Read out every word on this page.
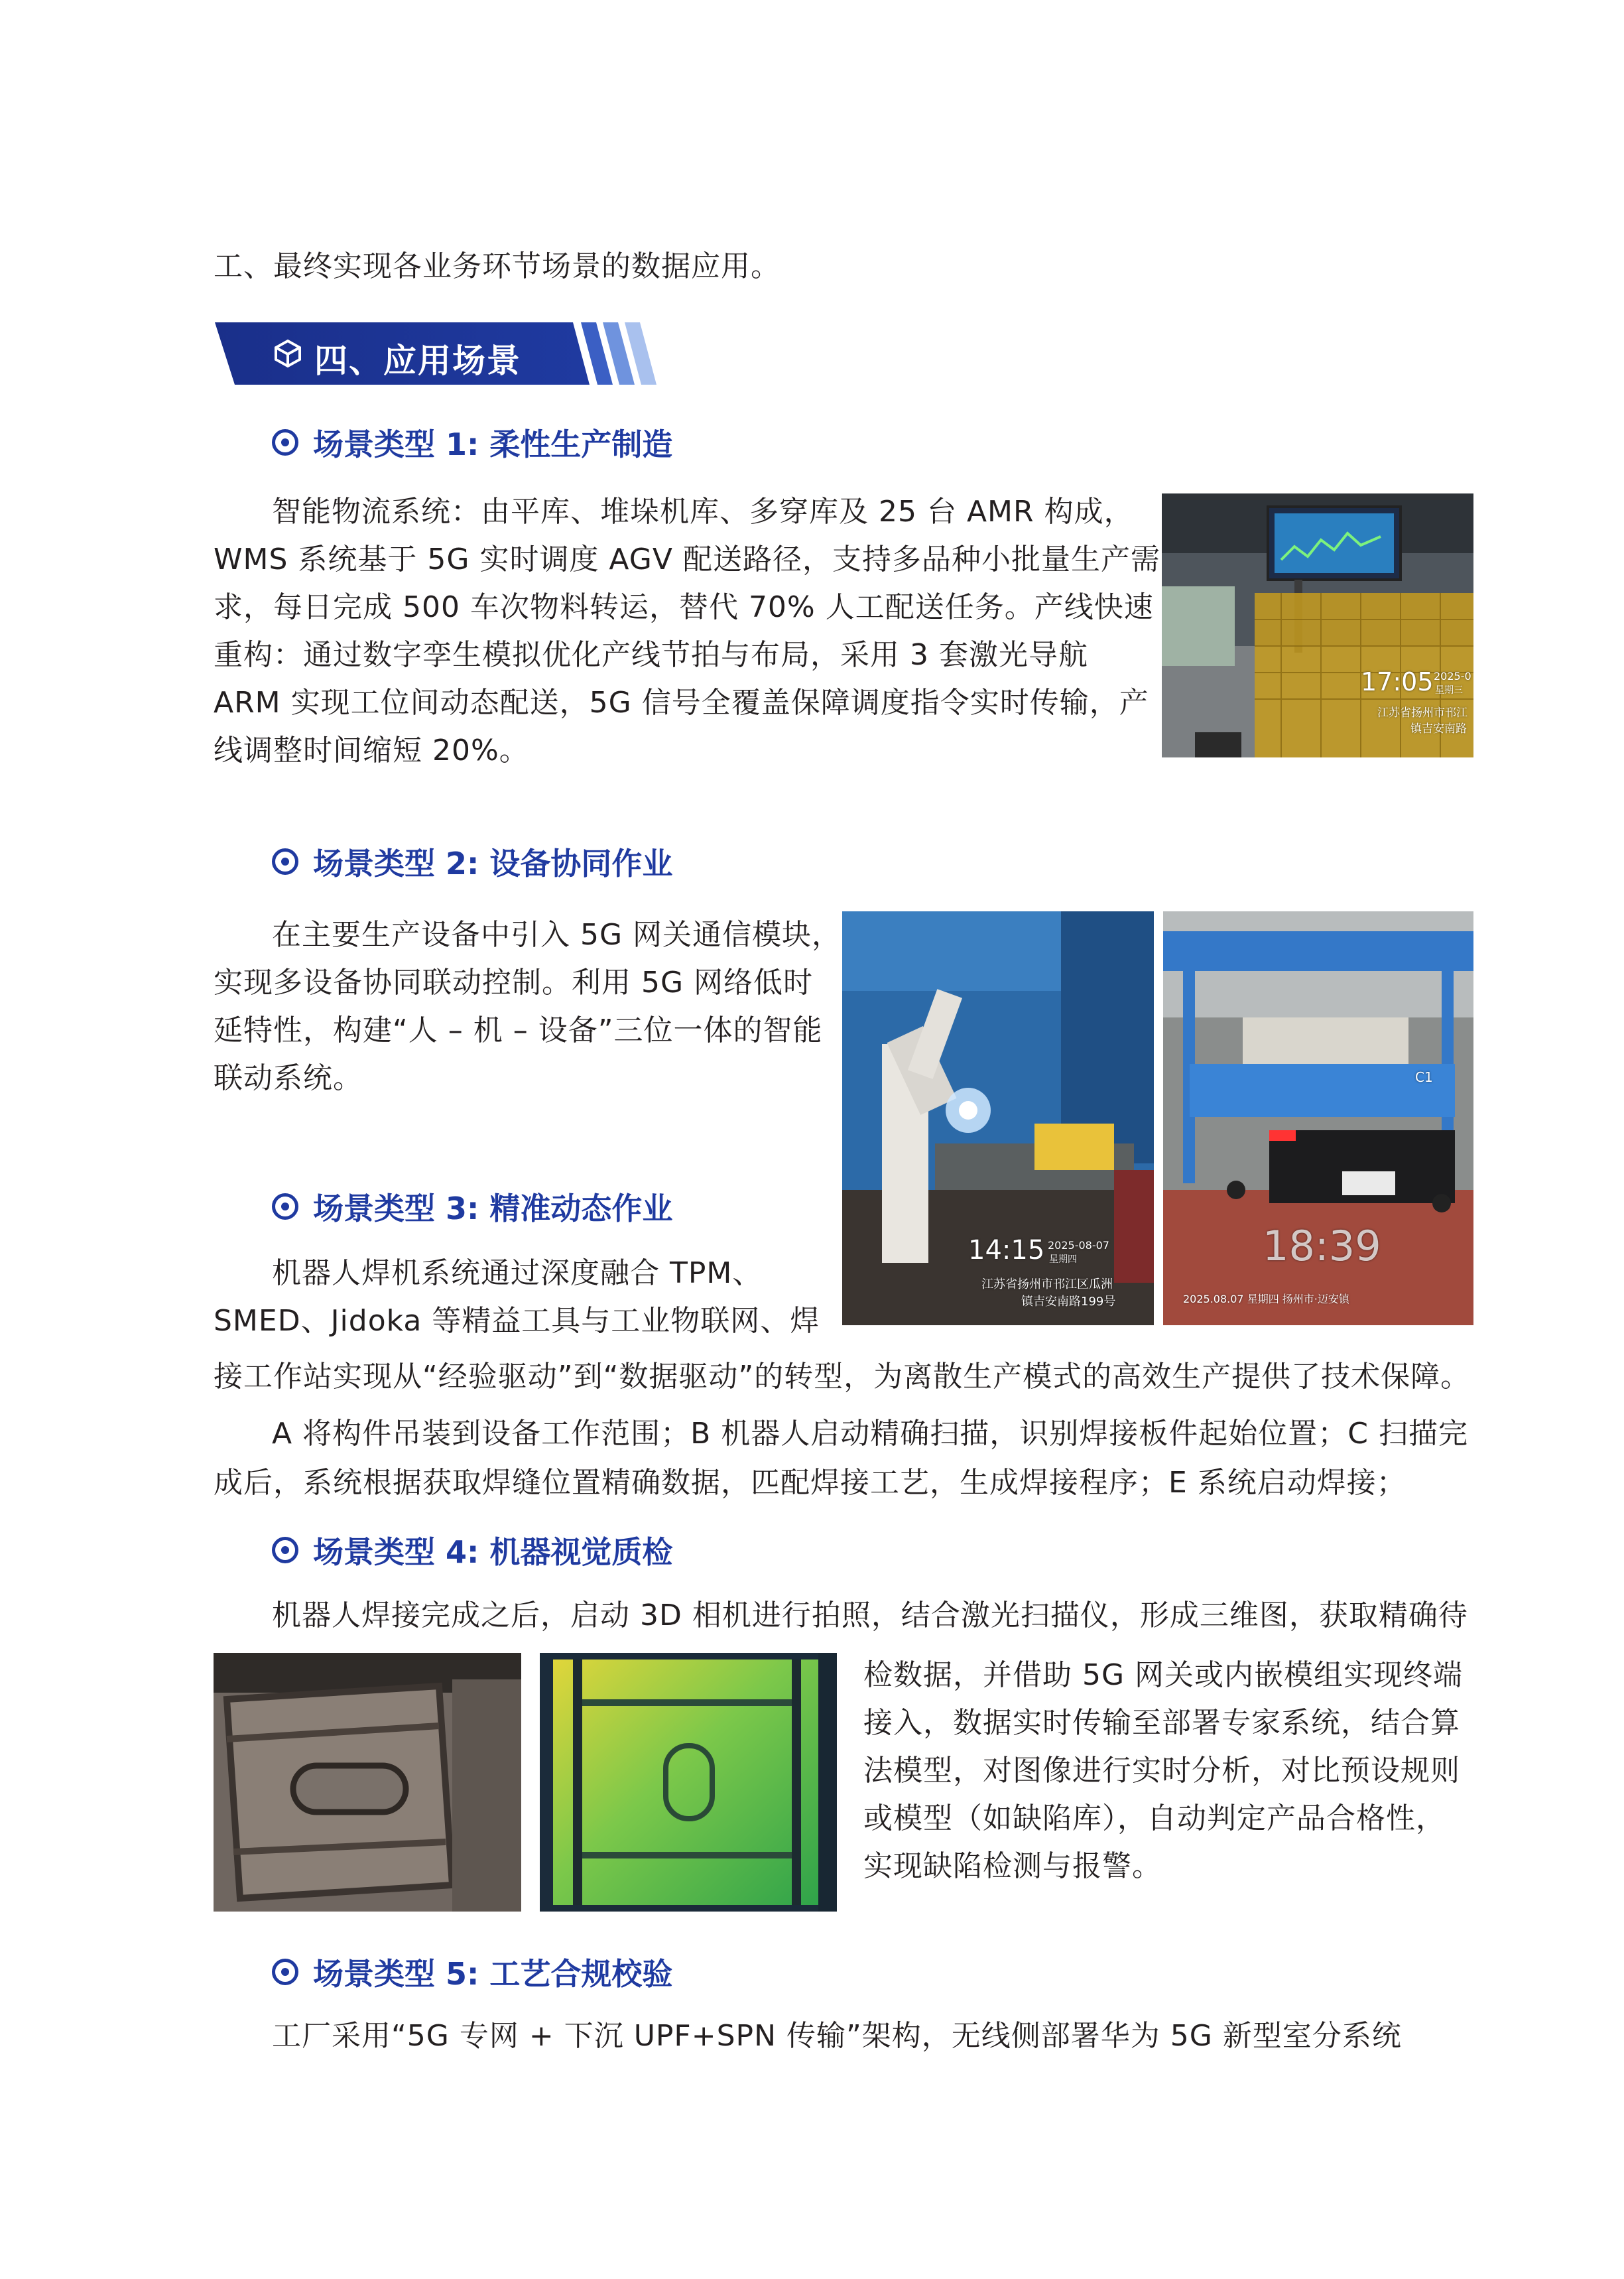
工、最终实现各业务环节场景的数据应用。
四、应用场景
场景类型 1: 柔性生产制造
智能物流系统：由平库、堆垛机库、多穿库及 25 台 AMR 构成，
WMS 系统基于 5G 实时调度 AGV 配送路径，支持多品种小批量生产需
求，每日完成 500 车次物料转运，替代 70% 人工配送任务。产线快速
重构：通过数字孪生模拟优化产线节拍与布局，采用 3 套激光导航
ARM 实现工位间动态配送，5G 信号全覆盖保障调度指令实时传输，产
线调整时间缩短 20%。
17:05 2025-0
星期三
江苏省扬州市邗江
镇吉安南路
场景类型 2: 设备协同作业
在主要生产设备中引入 5G 网关通信模块，
实现多设备协同联动控制。利用 5G 网络低时
延特性，构建“人 – 机 – 设备”三位一体的智能
联动系统。
14:15 2025-08-07
星期四
江苏省扬州市邗江区瓜洲
镇吉安南路199号
C1
18:39
2025.08.07 星期四 扬州市·迈安镇
场景类型 3: 精准动态作业
机器人焊机系统通过深度融合 TPM、
SMED、Jidoka 等精益工具与工业物联网、焊
接工作站实现从“经验驱动”到“数据驱动”的转型，为离散生产模式的高效生产提供了技术保障。
A 将构件吊装到设备工作范围；B 机器人启动精确扫描，识别焊接板件起始位置；C 扫描完
成后，系统根据获取焊缝位置精确数据，匹配焊接工艺，生成焊接程序；E 系统启动焊接；
场景类型 4: 机器视觉质检
机器人焊接完成之后，启动 3D 相机进行拍照，结合激光扫描仪，形成三维图，获取精确待
检数据，并借助 5G 网关或内嵌模组实现终端
接入，数据实时传输至部署专家系统，结合算
法模型，对图像进行实时分析，对比预设规则
或模型（如缺陷库），自动判定产品合格性，
实现缺陷检测与报警。
场景类型 5: 工艺合规校验
工厂采用“5G 专网 + 下沉 UPF+SPN 传输”架构，无线侧部署华为 5G 新型室分系统
